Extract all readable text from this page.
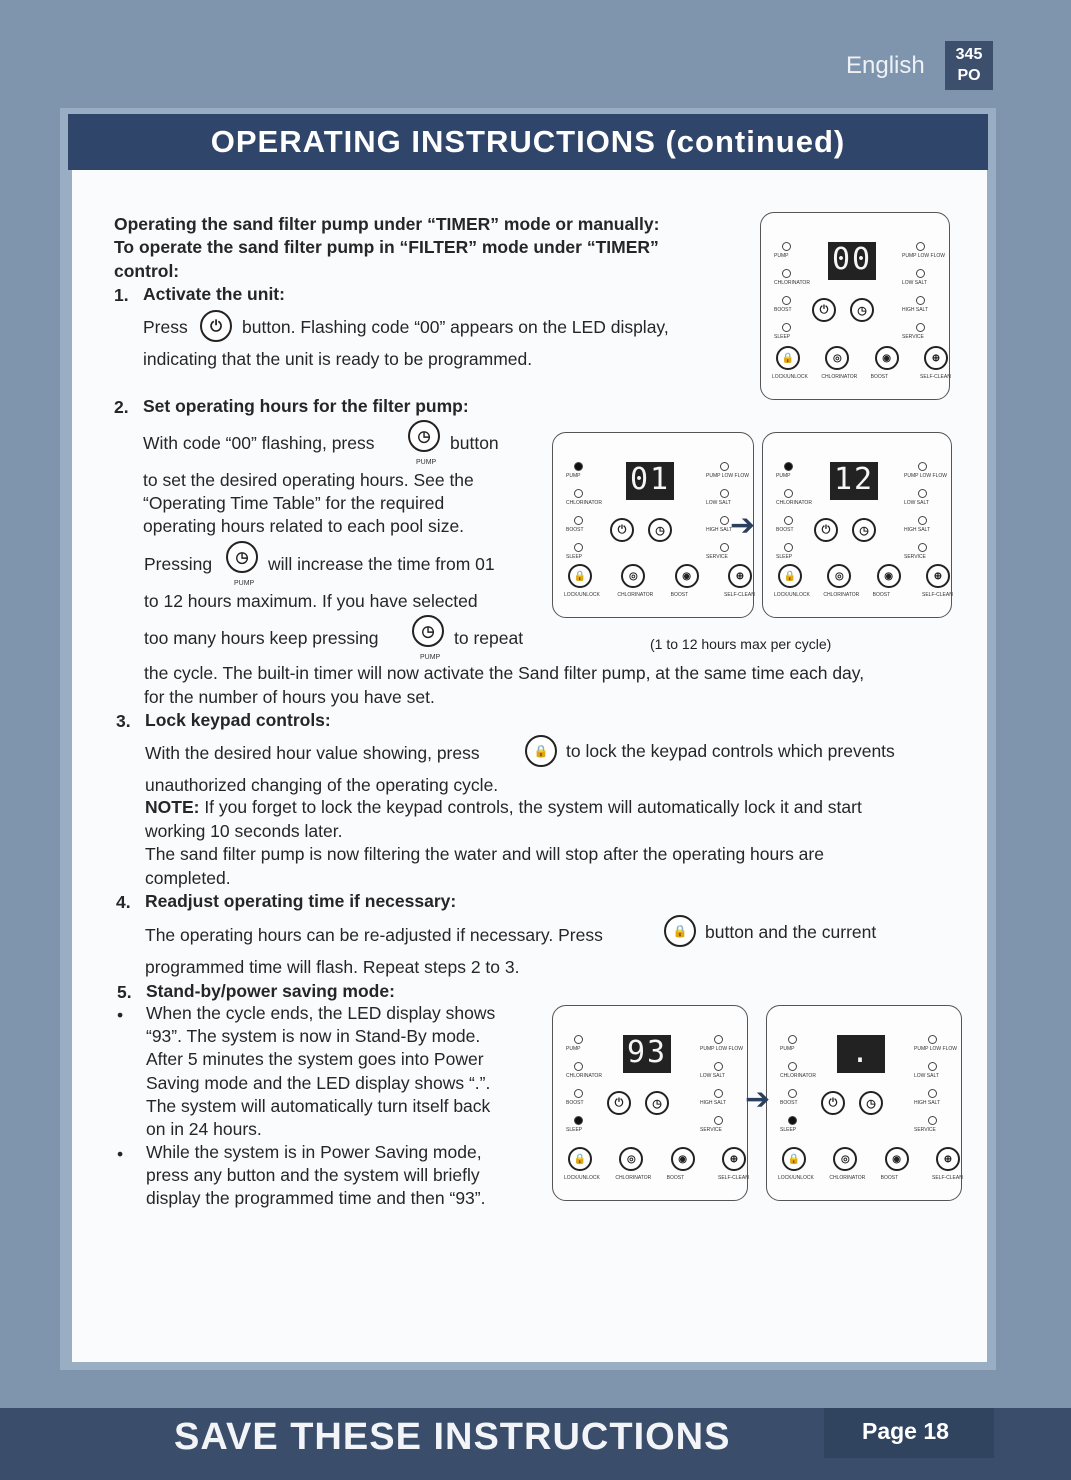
English	345
PO
OPERATING INSTRUCTIONS (continued)
Operating the sand filter pump under “TIMER” mode or manually:
To operate the sand filter pump in “FILTER” mode under “TIMER”
control:
1. Activate the unit:
Press	⏻	button. Flashing code “00” appears on the LED display,
indicating that the unit is ready to be programmed.
2. Set operating hours for the filter pump:
With code “00” flashing, press	◷
PUMP
button
to set the desired operating hours. See the
“Operating Time Table” for the required
operating hours related to each pool size.
Pressing	◷
PUMP
will increase the time from 01
to 12 hours maximum. If you have selected
too many hours keep pressing	◷
PUMP
to repeat	(1 to 12 hours max per cycle)
the cycle. The built-in timer will now activate the Sand filter pump, at the same time each day,
for the number of hours you have set.
3. Lock keypad controls:
With the desired hour value showing, press	🔒	to lock the keypad controls which prevents
unauthorized changing of the operating cycle.
NOTE: If you forget to lock the keypad controls, the system will automatically lock it and start
working 10 seconds later.
The sand filter pump is now filtering the water and will stop after the operating hours are
completed.
4. Readjust operating time if necessary:
The operating hours can be re-adjusted if necessary. Press	🔒	button and the current
programmed time will flash. Repeat steps 2 to 3.
5. Stand-by/power saving mode:
• When the cycle ends, the LED display shows
“93”. The system is now in Stand-By mode.
After 5 minutes the system goes into Power
Saving mode and the LED display shows “.”.
The system will automatically turn itself back
on in 24 hours.
• While the system is in Power Saving mode,
press any button and the system will briefly
display the programmed time and then “93”.
PUMP	PUMP LOW FLOW
CHLORINATOR	LOW SALT
BOOST	HIGH SALT
SLEEP	SERVICE
00
⏻	◷
🔒
LOCK/UNLOCK
◎
CHLORINATOR
◉
BOOST
⊕
SELF-CLEAN
PUMP	PUMP LOW FLOW
CHLORINATOR	LOW SALT
BOOST	HIGH SALT
SLEEP	SERVICE
01
⏻	◷
🔒
LOCK/UNLOCK
◎
CHLORINATOR
◉
BOOST
⊕
SELF-CLEAN
PUMP	PUMP LOW FLOW
CHLORINATOR	LOW SALT
BOOST	HIGH SALT
SLEEP	SERVICE
12
⏻	◷
🔒
LOCK/UNLOCK
◎
CHLORINATOR
◉
BOOST
⊕
SELF-CLEAN
PUMP	PUMP LOW FLOW
CHLORINATOR	LOW SALT
BOOST	HIGH SALT
SLEEP	SERVICE
93
⏻	◷
🔒
LOCK/UNLOCK
◎
CHLORINATOR
◉
BOOST
⊕
SELF-CLEAN
PUMP	PUMP LOW FLOW
CHLORINATOR	LOW SALT
BOOST	HIGH SALT
SLEEP	SERVICE
.
⏻	◷
🔒
LOCK/UNLOCK
◎
CHLORINATOR
◉
BOOST
⊕
SELF-CLEAN
➔
➔
SAVE THESE INSTRUCTIONS	Page 18
